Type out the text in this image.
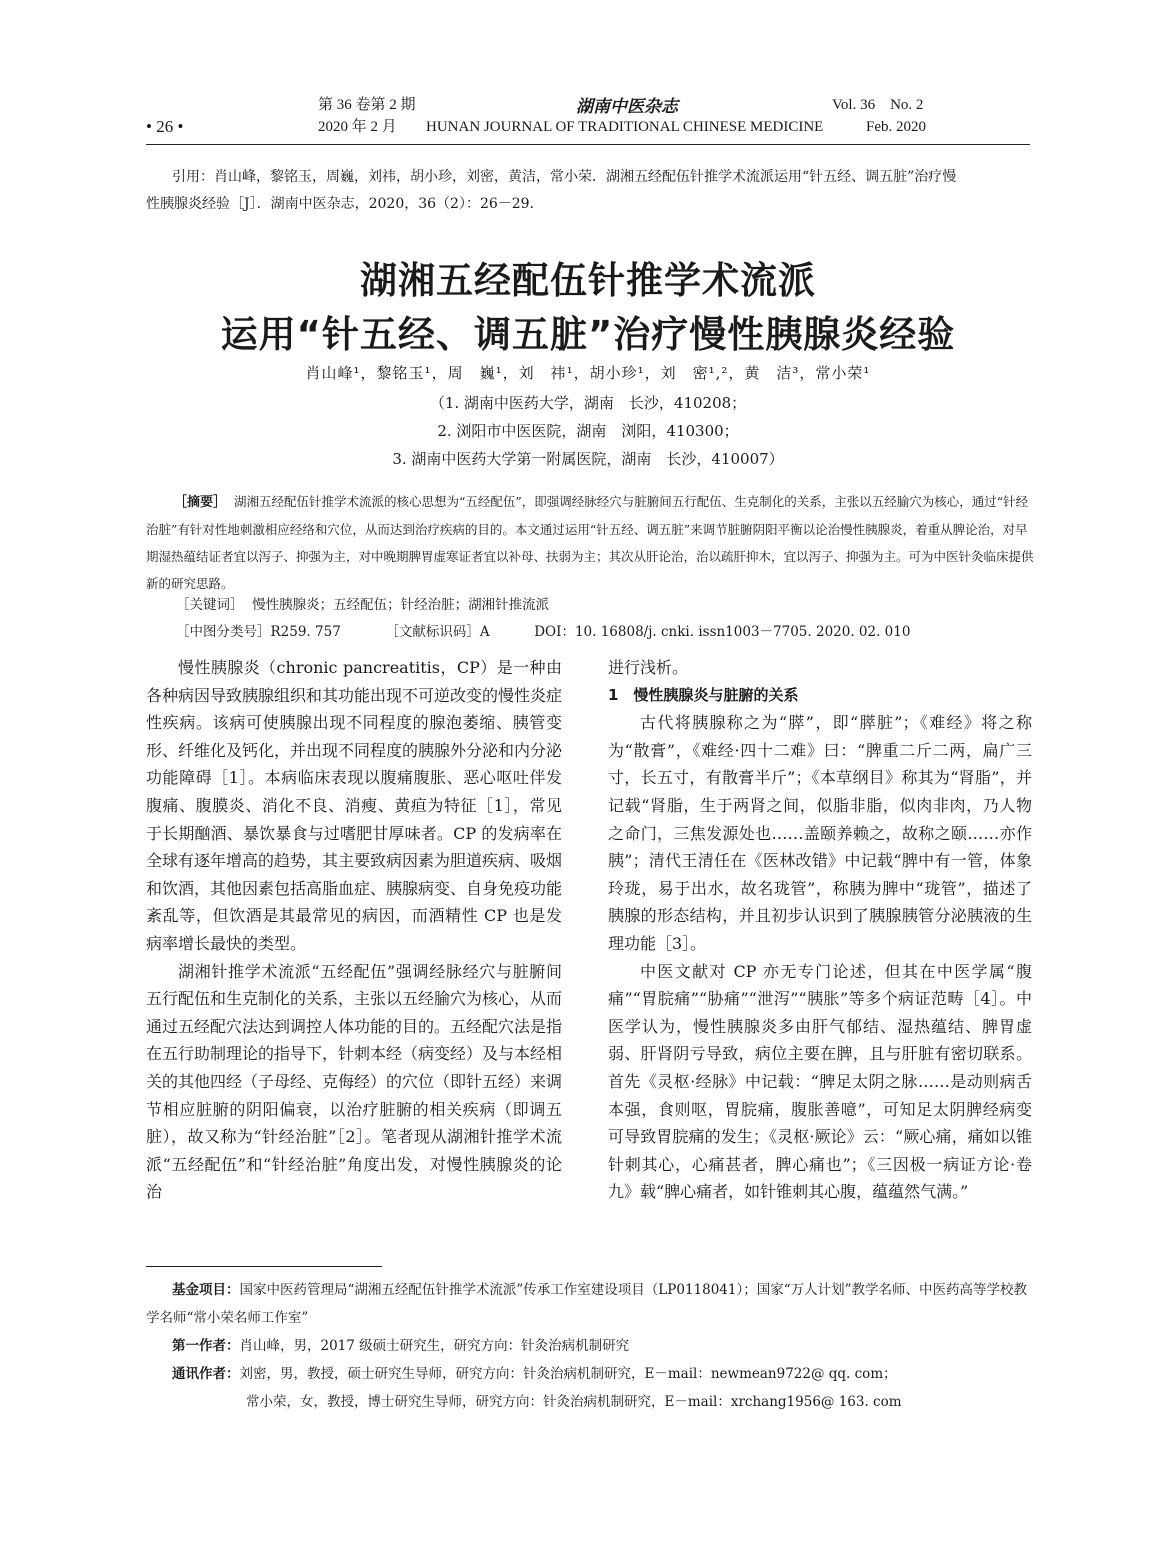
• 26 •
第 36 卷第 2 期
2020 年 2 月
湖南中医杂志
HUNAN JOURNAL OF TRADITIONAL CHINESE MEDICINE
Vol. 36    No. 2
Feb. 2020
引用：肖山峰，黎铭玉，周巍，刘祎，胡小珍，刘密，黄洁，常小荣．湖湘五经配伍针推学术流派运用“针五经、调五脏”治疗慢
性胰腺炎经验［J］．湖南中医杂志，2020，36（2）：26－29．
湖湘五经配伍针推学术流派
运用“针五经、调五脏”治疗慢性胰腺炎经验
肖山峰¹，黎铭玉¹，周　巍¹，刘　祎¹，胡小珍¹，刘　密¹,²，黄　洁³，常小荣¹
（1. 湖南中医药大学，湖南　长沙，410208；
2. 浏阳市中医医院，湖南　浏阳，410300；
3. 湖南中医药大学第一附属医院，湖南　长沙，410007）
［摘要］ 湖湘五经配伍针推学术流派的核心思想为“五经配伍”，即强调经脉经穴与脏腑间五行配伍、生克制化的关系，主张以五经腧穴为核心，通过“针经治脏”有针对性地刺激相应经络和穴位，从而达到治疗疾病的目的。本文通过运用“针五经、调五脏”来调节脏腑阴阳平衡以论治慢性胰腺炎，着重从脾论治，对早期湿热蕴结证者宜以泻子、抑强为主，对中晚期脾胃虚寒证者宜以补母、扶弱为主；其次从肝论治，治以疏肝抑木，宜以泻子、抑强为主。可为中医针灸临床提供新的研究思路。
［关键词］ 慢性胰腺炎；五经配伍；针经治脏；湖湘针推流派
［中图分类号］R259. 757	［文献标识码］A	DOI：10. 16808/j. cnki. issn1003－7705. 2020. 02. 010

慢性胰腺炎（chronic pancreatitis，CP）是一种由各种病因导致胰腺组织和其功能出现不可逆改变的慢性炎症性疾病。该病可使胰腺出现不同程度的腺泡萎缩、胰管变形、纤维化及钙化，并出现不同程度的胰腺外分泌和内分泌功能障碍［1］。本病临床表现以腹痛腹胀、恶心呕吐伴发腹痛、腹膜炎、消化不良、消瘦、黄疸为特征［1］，常见于长期酗酒、暴饮暴食与过嗜肥甘厚味者。CP 的发病率在全球有逐年增高的趋势，其主要致病因素为胆道疾病、吸烟和饮酒，其他因素包括高脂血症、胰腺病变、自身免疫功能紊乱等，但饮酒是其最常见的病因，而酒精性 CP 也是发病率增长最快的类型。

湖湘针推学术流派“五经配伍”强调经脉经穴与脏腑间五行配伍和生克制化的关系，主张以五经腧穴为核心，从而通过五经配穴法达到调控人体功能的目的。五经配穴法是指在五行助制理论的指导下，针刺本经（病变经）及与本经相关的其他四经（子母经、克侮经）的穴位（即针五经）来调节相应脏腑的阴阳偏衰，以治疗脏腑的相关疾病（即调五脏），故又称为“针经治脏”［2］。笔者现从湖湘针推学术流派“五经配伍”和“针经治脏”角度出发，对慢性胰腺炎的论治

进行浅析。

1　慢性胰腺炎与脏腑的关系

古代将胰腺称之为“膵”，即“膵脏”；《难经》将之称为“散膏”，《难经·四十二难》曰：“脾重二斤二两，扁广三寸，长五寸，有散膏半斤”；《本草纲目》称其为“肾脂”，并记载“肾脂，生于两肾之间，似脂非脂，似肉非肉，乃人物之命门，三焦发源处也……盖颐养赖之，故称之颐……亦作胰”；清代王清任在《医林改错》中记载“脾中有一管，体象玲珑，易于出水，故名珑管”，称胰为脾中“珑管”，描述了胰腺的形态结构，并且初步认识到了胰腺胰管分泌胰液的生理功能［3］。

中医文献对 CP 亦无专门论述，但其在中医学属“腹痛”“胃脘痛”“胁痛”“泄泻”“胰胀”等多个病证范畴［4］。中医学认为，慢性胰腺炎多由肝气郁结、湿热蕴结、脾胃虚弱、肝肾阴亏导致，病位主要在脾，且与肝脏有密切联系。首先《灵枢·经脉》中记载：“脾足太阴之脉……是动则病舌本强，食则呕，胃脘痛，腹胀善噫”，可知足太阴脾经病变可导致胃脘痛的发生；《灵枢·厥论》云：“厥心痛，痛如以锥针刺其心，心痛甚者，脾心痛也”；《三因极一病证方论·卷九》载“脾心痛者，如针锥刺其心腹，蕴蕴然气满。”

基金项目：国家中医药管理局“湖湘五经配伍针推学术流派”传承工作室建设项目（LP0118041）；国家“万人计划”教学名师、中医药高等学校教学名师“常小荣名师工作室”
第一作者：肖山峰，男，2017 级硕士研究生，研究方向：针灸治病机制研究
通讯作者：刘密，男，教授，硕士研究生导师，研究方向：针灸治病机制研究，E－mail：newmean9722@ qq. com；
常小荣，女，教授，博士研究生导师，研究方向：针灸治病机制研究，E－mail：xrchang1956@ 163. com
